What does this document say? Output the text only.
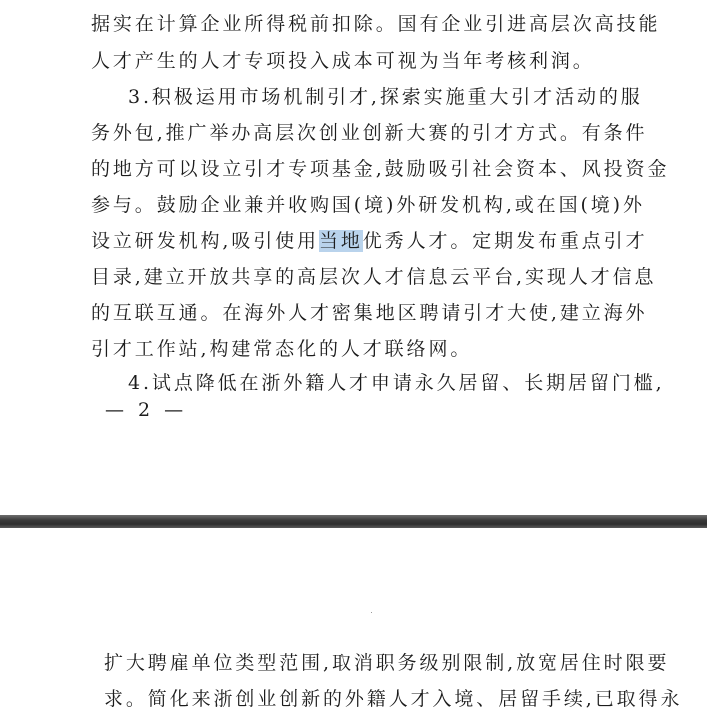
据实在计算企业所得税前扣除。国有企业引进高层次高技能
人才产生的人才专项投入成本可视为当年考核利润。
3.积极运用市场机制引才,探索实施重大引才活动的服
务外包,推广举办高层次创业创新大赛的引才方式。有条件
的地方可以设立引才专项基金,鼓励吸引社会资本、风投资金
参与。鼓励企业兼并收购国(境)外研发机构,或在国(境)外
设立研发机构,吸引使用当地优秀人才。定期发布重点引才
目录,建立开放共享的高层次人才信息云平台,实现人才信息
的互联互通。在海外人才密集地区聘请引才大使,建立海外
引才工作站,构建常态化的人才联络网。
4.试点降低在浙外籍人才申请永久居留、长期居留门槛,
— 2 —
扩大聘雇单位类型范围,取消职务级别限制,放宽居住时限要
求。简化来浙创业创新的外籍人才入境、居留手续,已取得永
